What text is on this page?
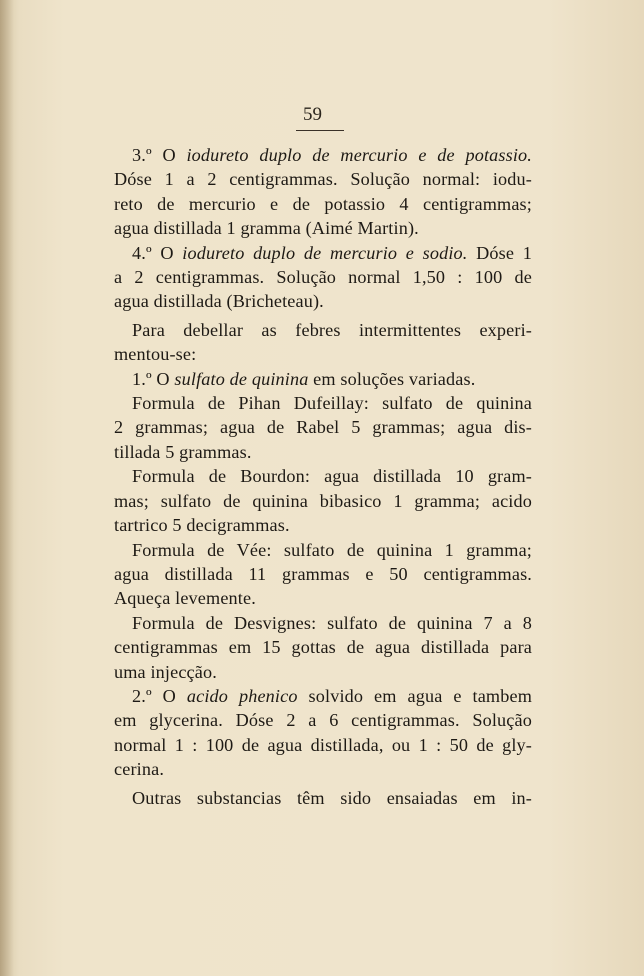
59

3.º O iodureto duplo de mercurio e de potassio.

Dóse 1 a 2 centigrammas. Solução normal: iodu-

reto de mercurio e de potassio 4 centigrammas;

agua distillada 1 gramma (Aimé Martin).

4.º O iodureto duplo de mercurio e sodio. Dóse 1

a 2 centigrammas. Solução normal 1,50 : 100 de

agua distillada (Bricheteau).

Para debellar as febres intermittentes experi-

mentou-se:

1.º O sulfato de quinina em soluções variadas.

Formula de Pihan Dufeillay: sulfato de quinina

2 grammas; agua de Rabel 5 grammas; agua dis-

tillada 5 grammas.

Formula de Bourdon: agua distillada 10 gram-

mas; sulfato de quinina bibasico 1 gramma; acido

tartrico 5 decigrammas.

Formula de Vée: sulfato de quinina 1 gramma;

agua distillada 11 grammas e 50 centigrammas.

Aqueça levemente.

Formula de Desvignes: sulfato de quinina 7 a 8

centigrammas em 15 gottas de agua distillada para

uma injecção.

2.º O acido phenico solvido em agua e tambem

em glycerina. Dóse 2 a 6 centigrammas. Solução

normal 1 : 100 de agua distillada, ou 1 : 50 de gly-

cerina.

Outras substancias têm sido ensaiadas em in-
